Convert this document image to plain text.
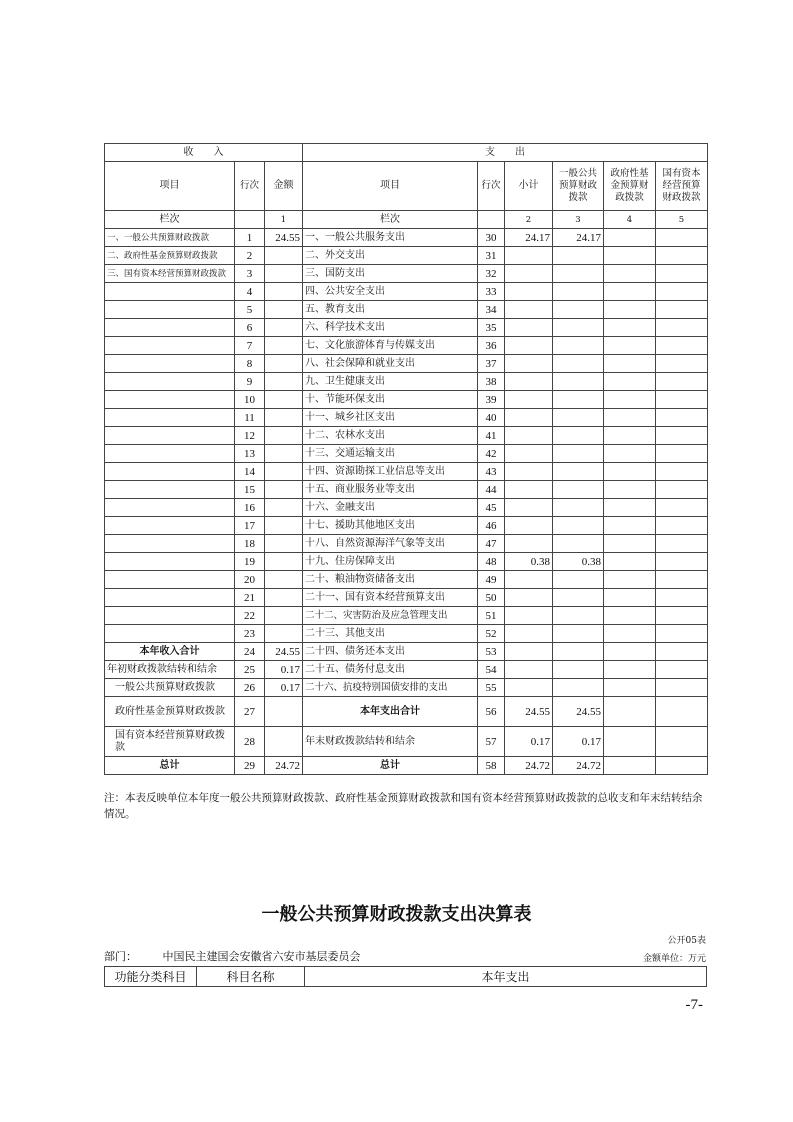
收　　入			支　　出					
项目	行次	金额	项目	行次	小计	一般公共预算财政拨款	政府性基金预算财政拨款	国有资本经营预算财政拨款
栏次		1	栏次		2	3	4	5
一、一般公共预算财政拨款	1	24.55	一、一般公共服务支出	30	24.17	24.17		
二、政府性基金预算财政拨款	2		二、外交支出	31				
三、国有资本经营预算财政拨款	3		三、国防支出	32				
	4		四、公共安全支出	33				
	5		五、教育支出	34				
	6		六、科学技术支出	35				
	7		七、文化旅游体育与传媒支出	36				
	8		八、社会保障和就业支出	37				
	9		九、卫生健康支出	38				
	10		十、节能环保支出	39				
	11		十一、城乡社区支出	40				
	12		十二、农林水支出	41				
	13		十三、交通运输支出	42				
	14		十四、资源勘探工业信息等支出	43				
	15		十五、商业服务业等支出	44				
	16		十六、金融支出	45				
	17		十七、援助其他地区支出	46				
	18		十八、自然资源海洋气象等支出	47				
	19		十九、住房保障支出	48	0.38	0.38		
	20		二十、粮油物资储备支出	49				
	21		二十一、国有资本经营预算支出	50				
	22		二十二、灾害防治及应急管理支出	51				
	23		二十三、其他支出	52				
本年收入合计	24	24.55	二十四、债务还本支出	53				
年初财政拨款结转和结余	25	0.17	二十五、债务付息支出	54				
一般公共预算财政拨款	26	0.17	二十六、抗疫特别国债安排的支出	55				
政府性基金预算财政拨款	27		本年支出合计	56	24.55	24.55		
国有资本经营预算财政拨款	28		年末财政拨款结转和结余	57	0.17	0.17		
总计	29	24.72	总计	58	24.72	24.72		
注：本表反映单位本年度一般公共预算财政拨款、政府性基金预算财政拨款和国有资本经营预算财政拨款的总收支和年末结转结余情况。
一般公共预算财政拨款支出决算表
公开05表
部门： 中国民主建国会安徽省六安市基层委员会	金额单位：万元
功能分类科目	科目名称	本年支出
-7-
